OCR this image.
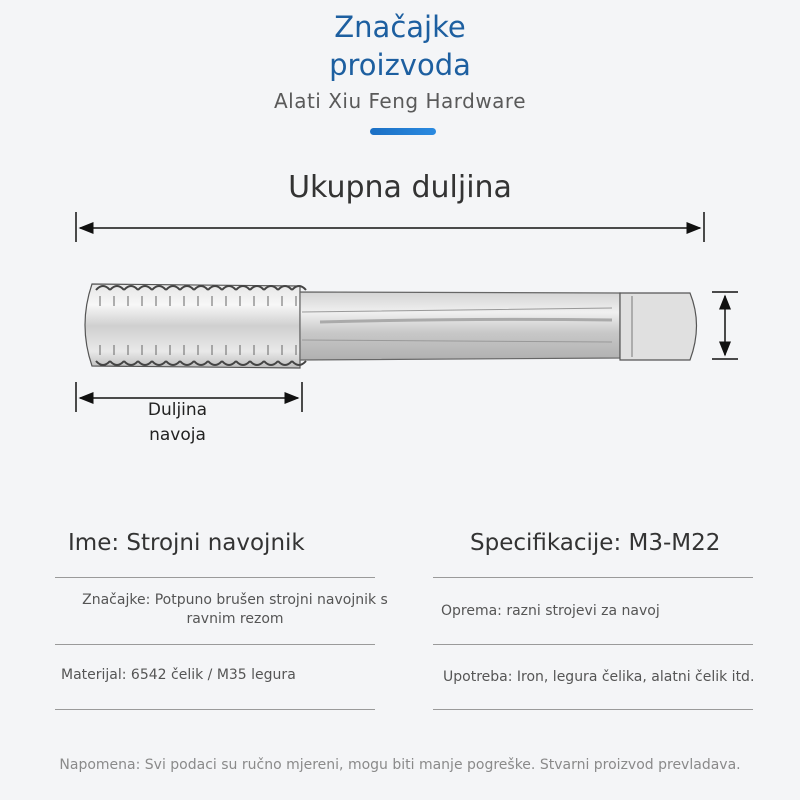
Značajke
proizvoda
Alati Xiu Feng Hardware
Ukupna duljina
Duljina
navoja
Ime: Strojni navojnik	Specifikacije: M3-M22
Značajke: Potpuno brušen strojni navojnik s
ravnim rezom	Oprema: razni strojevi za navoj
Materijal: 6542 čelik / M35 legura	Upotreba: Iron, legura čelika, alatni čelik itd.
Napomena: Svi podaci su ručno mjereni, mogu biti manje pogreške. Stvarni proizvod prevladava.
